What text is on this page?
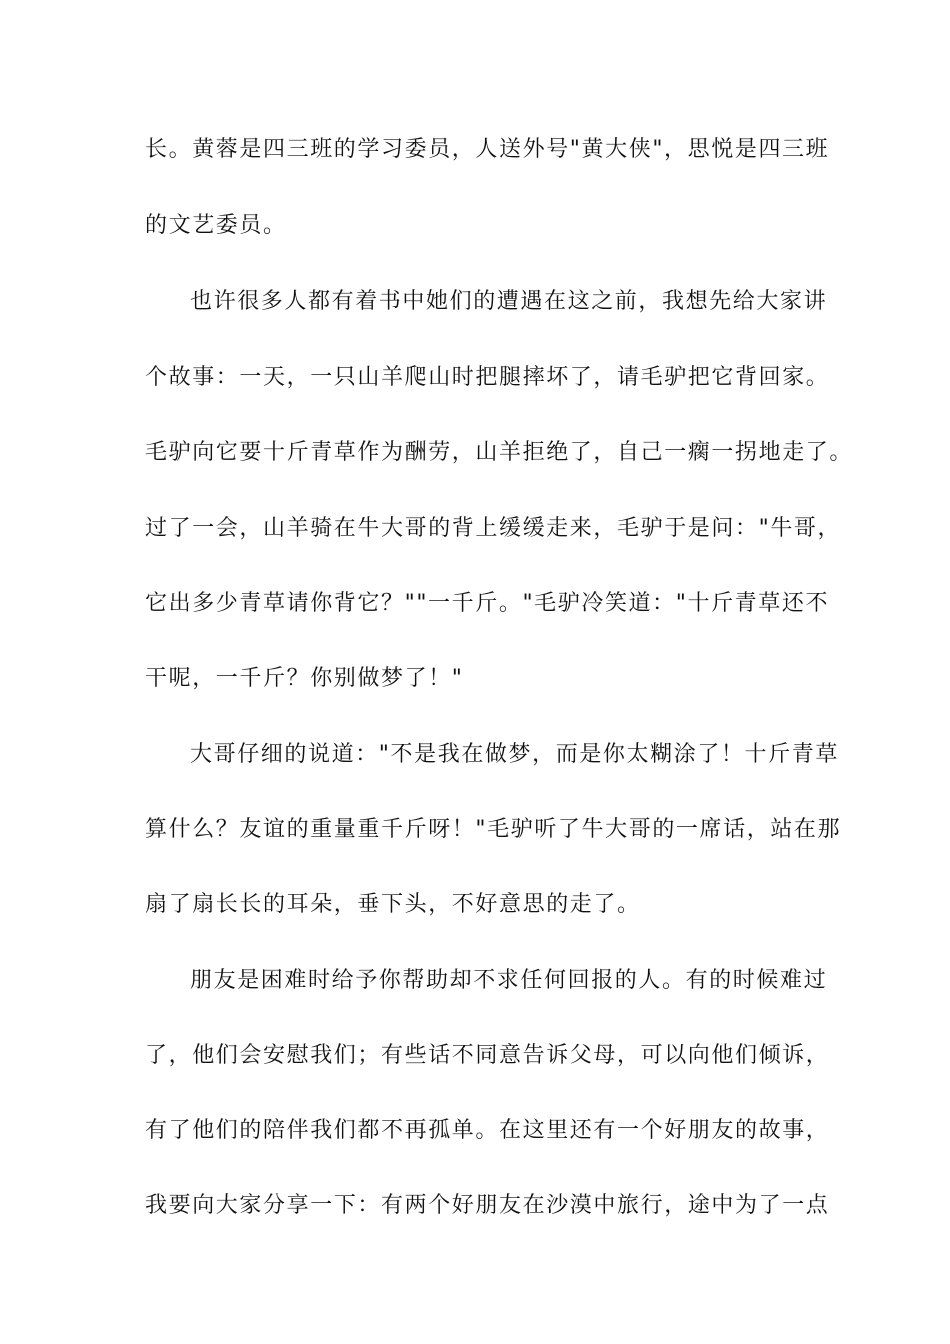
长。黄蓉是四三班的学习委员，人送外号"黄大侠"，思悦是四三班
的文艺委员。
也许很多人都有着书中她们的遭遇在这之前，我想先给大家讲
个故事：一天，一只山羊爬山时把腿摔坏了，请毛驴把它背回家。
毛驴向它要十斤青草作为酬劳，山羊拒绝了，自己一瘸一拐地走了。
过了一会，山羊骑在牛大哥的背上缓缓走来，毛驴于是问："牛哥，
它出多少青草请你背它？""一千斤。"毛驴冷笑道："十斤青草还不
干呢，一千斤？你别做梦了！"
大哥仔细的说道："不是我在做梦，而是你太糊涂了！十斤青草
算什么？友谊的重量重千斤呀！"毛驴听了牛大哥的一席话，站在那
扇了扇长长的耳朵，垂下头，不好意思的走了。
朋友是困难时给予你帮助却不求任何回报的人。有的时候难过
了，他们会安慰我们；有些话不同意告诉父母，可以向他们倾诉，
有了他们的陪伴我们都不再孤单。在这里还有一个好朋友的故事，
我要向大家分享一下：有两个好朋友在沙漠中旅行，途中为了一点
